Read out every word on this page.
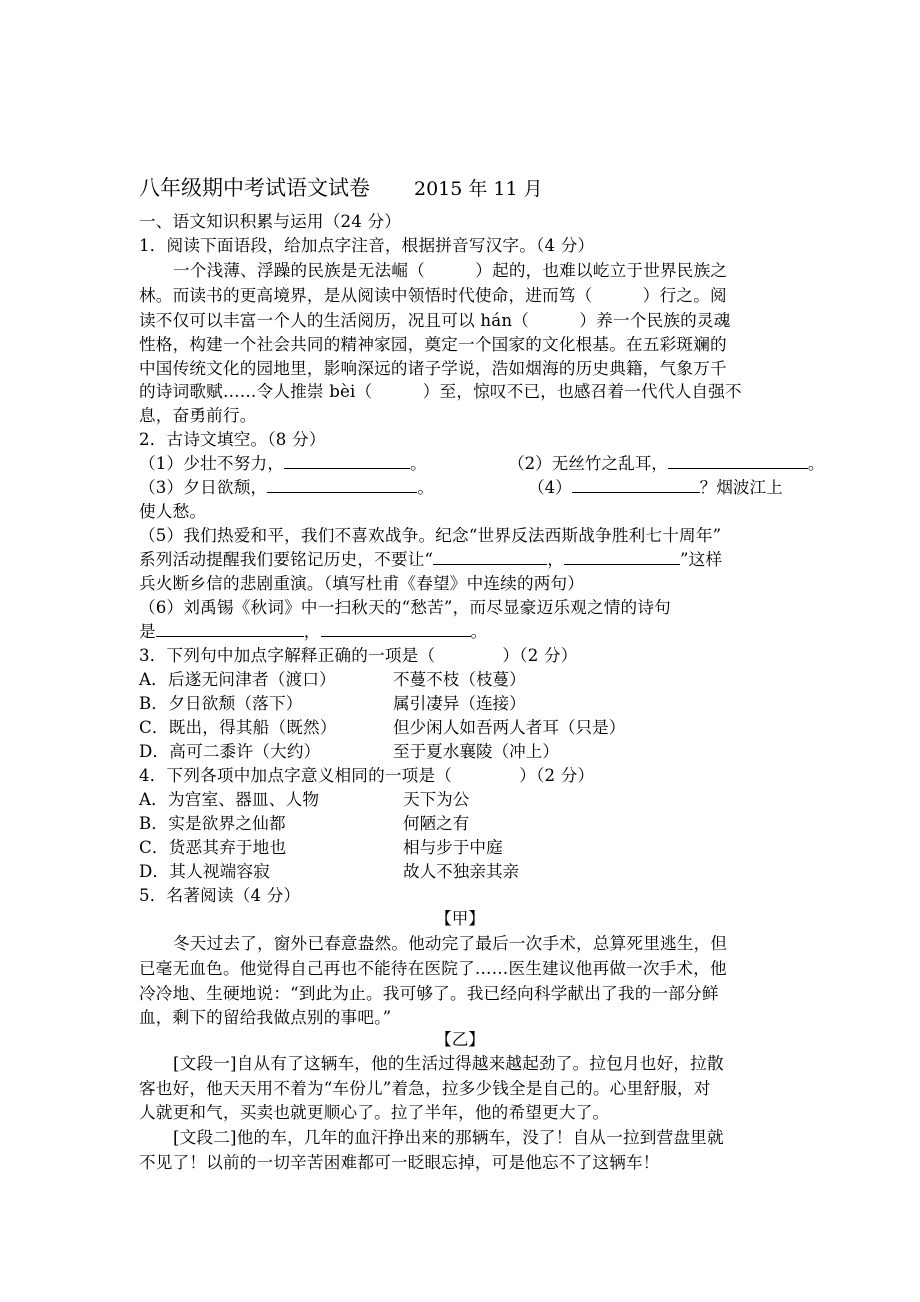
八年级期中考试语文试卷 2015 年 11 月
一、语文知识积累与运用（24 分）
1．阅读下面语段，给加点字注音，根据拼音写汉字。（4 分）
一个浅薄、浮躁的民族是无法崛（　　　）起的，也难以屹立于世界民族之
林。而读书的更高境界，是从阅读中领悟时代使命，进而笃（　　　）行之。阅
读不仅可以丰富一个人的生活阅历，况且可以 hán（　　　）养一个民族的灵魂
性格，构建一个社会共同的精神家园，奠定一个国家的文化根基。在五彩斑斓的
中国传统文化的园地里，影响深远的诸子学说，浩如烟海的历史典籍，气象万千
的诗词歌赋……令人推崇 bèi（　　　）至，惊叹不已，也感召着一代代人自强不
息，奋勇前行。
2．古诗文填空。（8 分）
（1）少壮不努力，	。	（2）无丝竹之乱耳，	。
（3）夕日欲颓，	。	（4）	？烟波江上
使人愁。
（5）我们热爱和平，我们不喜欢战争。纪念“世界反法西斯战争胜利七十周年”
系列活动提醒我们要铭记历史，不要让“	，	”这样
兵火断乡信的悲剧重演。（填写杜甫《春望》中连续的两句）
（6）刘禹锡《秋词》中一扫秋天的“愁苦”，而尽显豪迈乐观之情的诗句
是	，	。
3．下列句中加点字解释正确的一项是（　　　　）（2 分）
A．后遂无问津者（渡口）	不蔓不枝（枝蔓）
B．夕日欲颓（落下）	属引凄异（连接）
C．既出，得其船（既然）	但少闲人如吾两人者耳（只是）
D．高可二黍许（大约）	至于夏水襄陵（冲上）
4．下列各项中加点字意义相同的一项是（　　　　）（2 分）
A．为宫室、器皿、人物	天下为公
B．实是欲界之仙都	何陋之有
C．货恶其弃于地也	相与步于中庭
D．其人视端容寂	故人不独亲其亲
5．名著阅读（4 分）
【甲】
冬天过去了，窗外已春意盎然。他动完了最后一次手术，总算死里逃生，但
已毫无血色。他觉得自己再也不能待在医院了……医生建议他再做一次手术，他
冷冷地、生硬地说：“到此为止。我可够了。我已经向科学献出了我的一部分鲜
血，剩下的留给我做点别的事吧。”
【乙】
[文段一]自从有了这辆车，他的生活过得越来越起劲了。拉包月也好，拉散
客也好，他天天用不着为“车份儿”着急，拉多少钱全是自己的。心里舒服，对
人就更和气，买卖也就更顺心了。拉了半年，他的希望更大了。
[文段二]他的车，几年的血汗挣出来的那辆车，没了！自从一拉到营盘里就
不见了！以前的一切辛苦困难都可一眨眼忘掉，可是他忘不了这辆车！
